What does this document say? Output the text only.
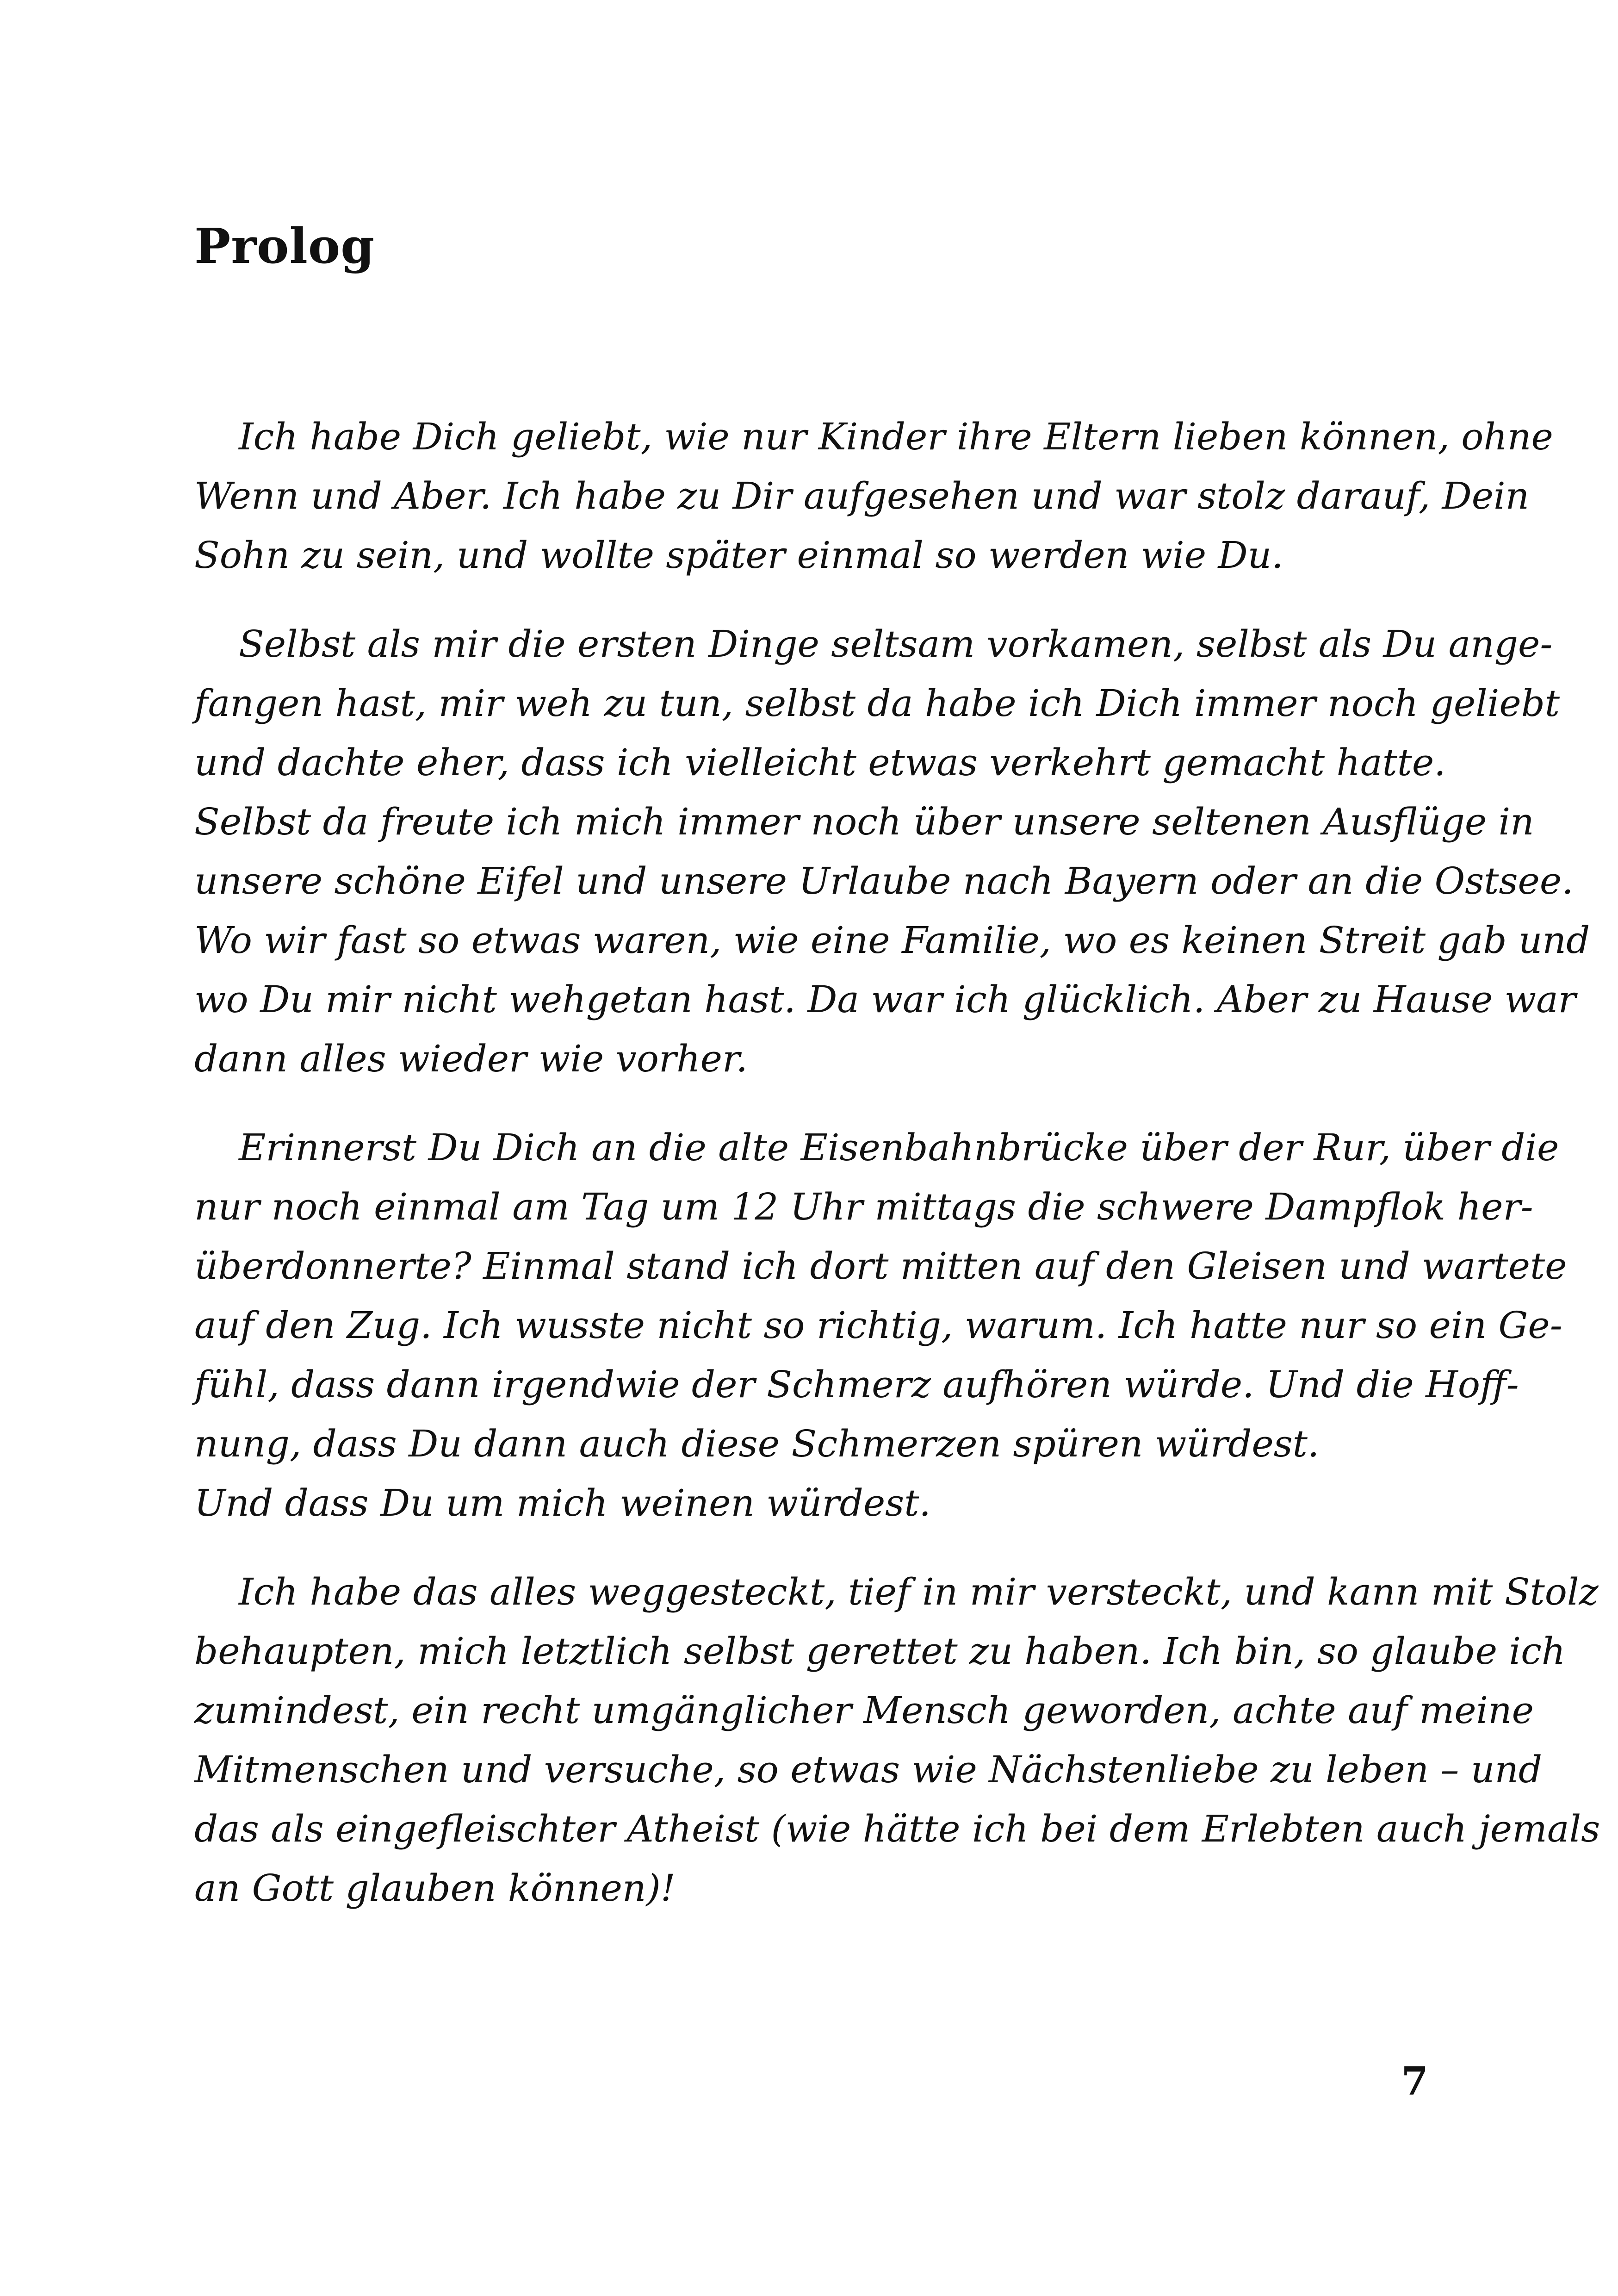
Prolog

Ich habe Dich geliebt, wie nur Kinder ihre Eltern lieben können, ohne
Wenn und Aber. Ich habe zu Dir aufgesehen und war stolz darauf, Dein
Sohn zu sein, und wollte später einmal so werden wie Du.

Selbst als mir die ersten Dinge seltsam vorkamen, selbst als Du ange-
fangen hast, mir weh zu tun, selbst da habe ich Dich immer noch geliebt
und dachte eher, dass ich vielleicht etwas verkehrt gemacht hatte.
Selbst da freute ich mich immer noch über unsere seltenen Ausflüge in
unsere schöne Eifel und unsere Urlaube nach Bayern oder an die Ostsee.
Wo wir fast so etwas waren, wie eine Familie, wo es keinen Streit gab und
wo Du mir nicht wehgetan hast. Da war ich glücklich. Aber zu Hause war
dann alles wieder wie vorher.

Erinnerst Du Dich an die alte Eisenbahnbrücke über der Rur, über die
nur noch einmal am Tag um 12 Uhr mittags die schwere Dampflok her-
überdonnerte? Einmal stand ich dort mitten auf den Gleisen und wartete
auf den Zug. Ich wusste nicht so richtig, warum. Ich hatte nur so ein Ge-
fühl, dass dann irgendwie der Schmerz aufhören würde. Und die Hoff-
nung, dass Du dann auch diese Schmerzen spüren würdest.
Und dass Du um mich weinen würdest.

Ich habe das alles weggesteckt, tief in mir versteckt, und kann mit Stolz
behaupten, mich letztlich selbst gerettet zu haben. Ich bin, so glaube ich
zumindest, ein recht umgänglicher Mensch geworden, achte auf meine
Mitmenschen und versuche, so etwas wie Nächstenliebe zu leben – und
das als eingefleischter Atheist (wie hätte ich bei dem Erlebten auch jemals
an Gott glauben können)!

7
